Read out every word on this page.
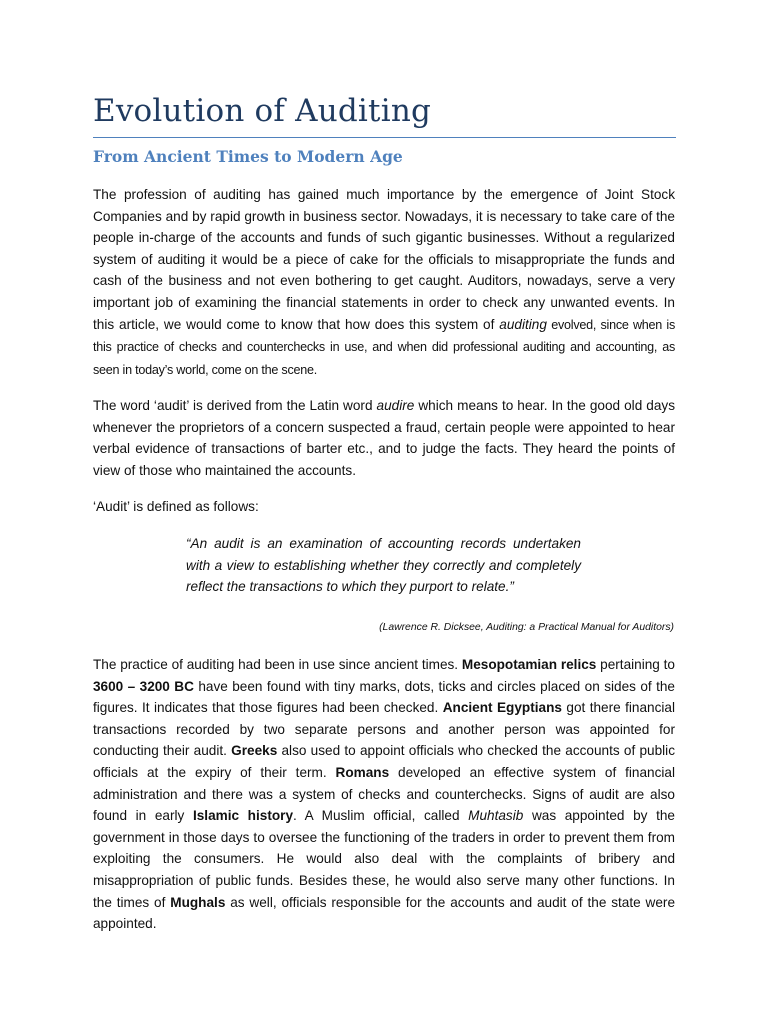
Evolution of Auditing
From Ancient Times to Modern Age

The profession of auditing has gained much importance by the emergence of Joint Stock Companies and by rapid growth in business sector. Nowadays, it is necessary to take care of the people in-charge of the accounts and funds of such gigantic businesses. Without a regularized system of auditing it would be a piece of cake for the officials to misappropriate the funds and cash of the business and not even bothering to get caught. Auditors, nowadays, serve a very important job of examining the financial statements in order to check any unwanted events. In this article, we would come to know that how does this system of auditing evolved, since when is this practice of checks and counterchecks in use, and when did professional auditing and accounting, as seen in today’s world, come on the scene.

The word ‘audit’ is derived from the Latin word audire which means to hear. In the good old days whenever the proprietors of a concern suspected a fraud, certain people were appointed to hear verbal evidence of transactions of barter etc., and to judge the facts. They heard the points of view of those who maintained the accounts.

‘Audit’ is defined as follows:

“An audit is an examination of accounting records undertaken with a view to establishing whether they correctly and completely reflect the transactions to which they purport to relate.”

(Lawrence R. Dicksee, Auditing: a Practical Manual for Auditors)

The practice of auditing had been in use since ancient times. Mesopotamian relics pertaining to 3600 – 3200 BC have been found with tiny marks, dots, ticks and circles placed on sides of the figures. It indicates that those figures had been checked. Ancient Egyptians got there financial transactions recorded by two separate persons and another person was appointed for conducting their audit. Greeks also used to appoint officials who checked the accounts of public officials at the expiry of their term. Romans developed an effective system of financial administration and there was a system of checks and counterchecks. Signs of audit are also found in early Islamic history. A Muslim official, called Muhtasib was appointed by the government in those days to oversee the functioning of the traders in order to prevent them from exploiting the consumers. He would also deal with the complaints of bribery and misappropriation of public funds. Besides these, he would also serve many other functions. In the times of Mughals as well, officials responsible for the accounts and audit of the state were appointed.
